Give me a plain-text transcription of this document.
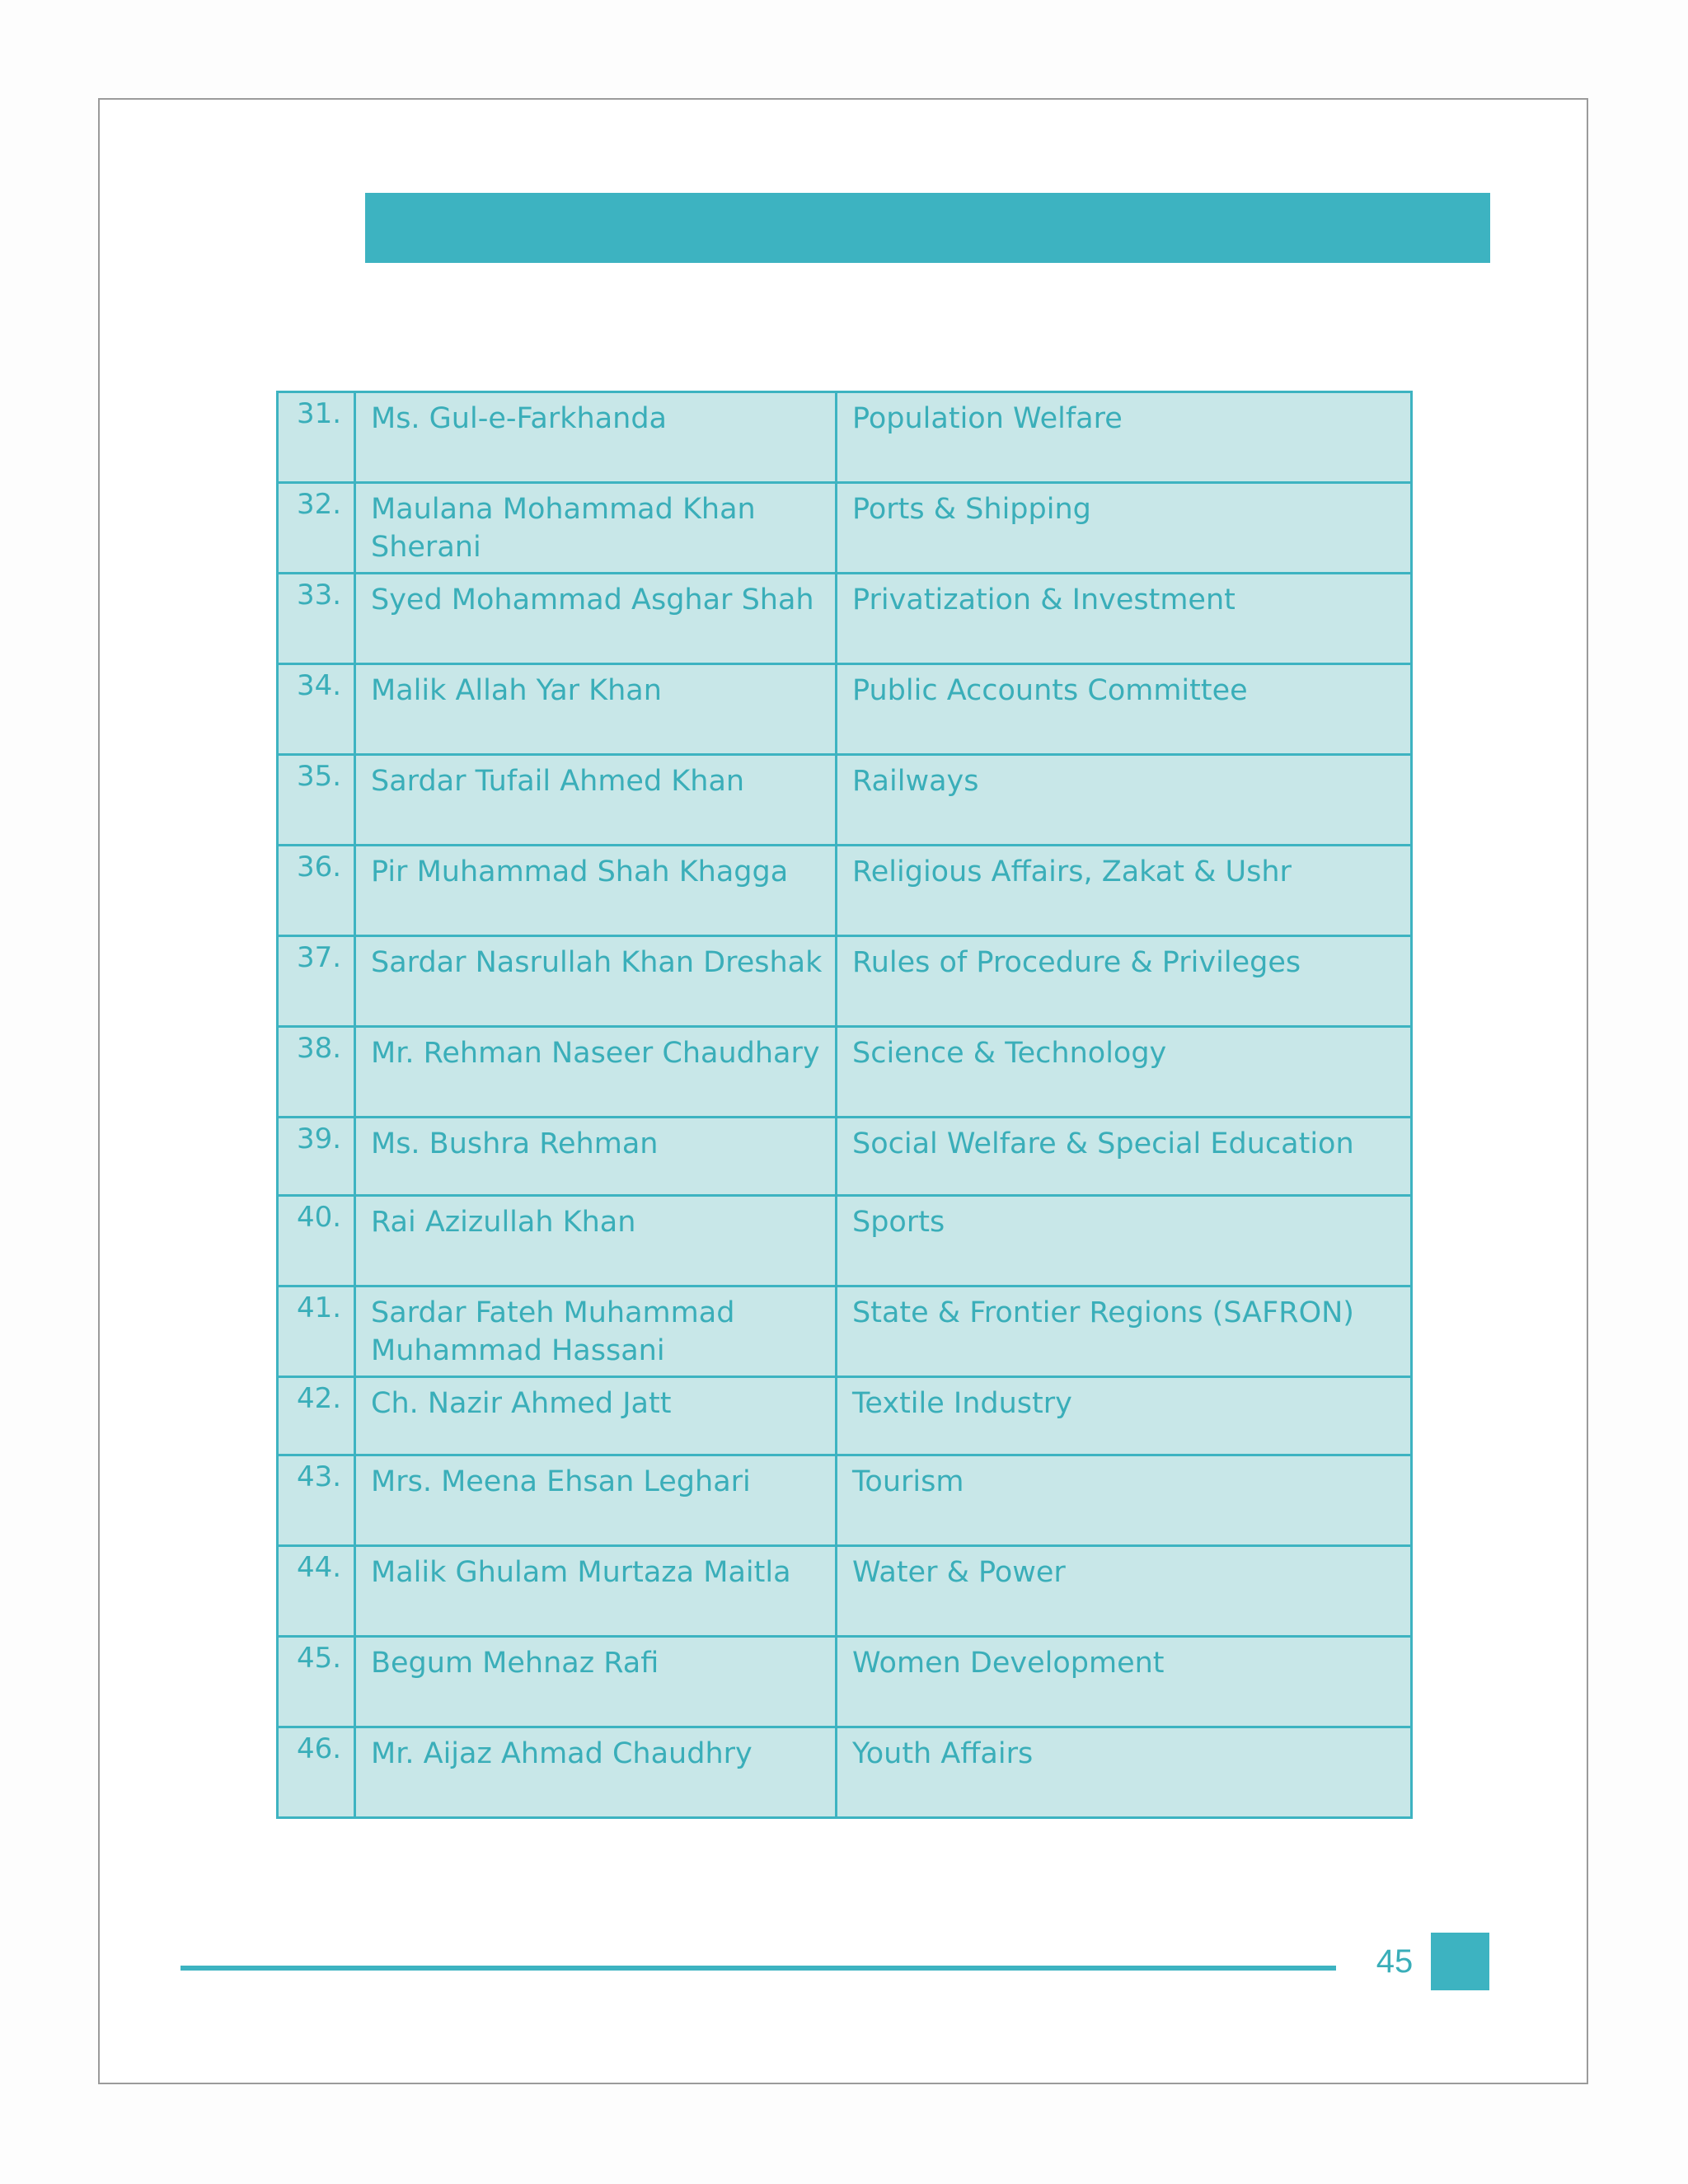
31.	Ms. Gul-e-Farkhanda	Population Welfare
32.	Maulana Mohammad Khan Sherani	Ports & Shipping
33.	Syed Mohammad Asghar Shah	Privatization & Investment
34.	Malik Allah Yar Khan	Public Accounts Committee
35.	Sardar Tufail Ahmed Khan	Railways
36.	Pir Muhammad Shah Khagga	Religious Affairs, Zakat & Ushr
37.	Sardar Nasrullah Khan Dreshak	Rules of Procedure & Privileges
38.	Mr. Rehman Naseer Chaudhary	Science & Technology
39.	Ms. Bushra Rehman	Social Welfare & Special Education
40.	Rai Azizullah Khan	Sports
41.	Sardar Fateh Muhammad Muhammad Hassani	State & Frontier Regions (SAFRON)
42.	Ch. Nazir Ahmed Jatt	Textile Industry
43.	Mrs. Meena Ehsan Leghari	Tourism
44.	Malik Ghulam Murtaza Maitla	Water & Power
45.	Begum Mehnaz Rafi	Women Development
46.	Mr. Aijaz Ahmad Chaudhry	Youth Affairs
45
